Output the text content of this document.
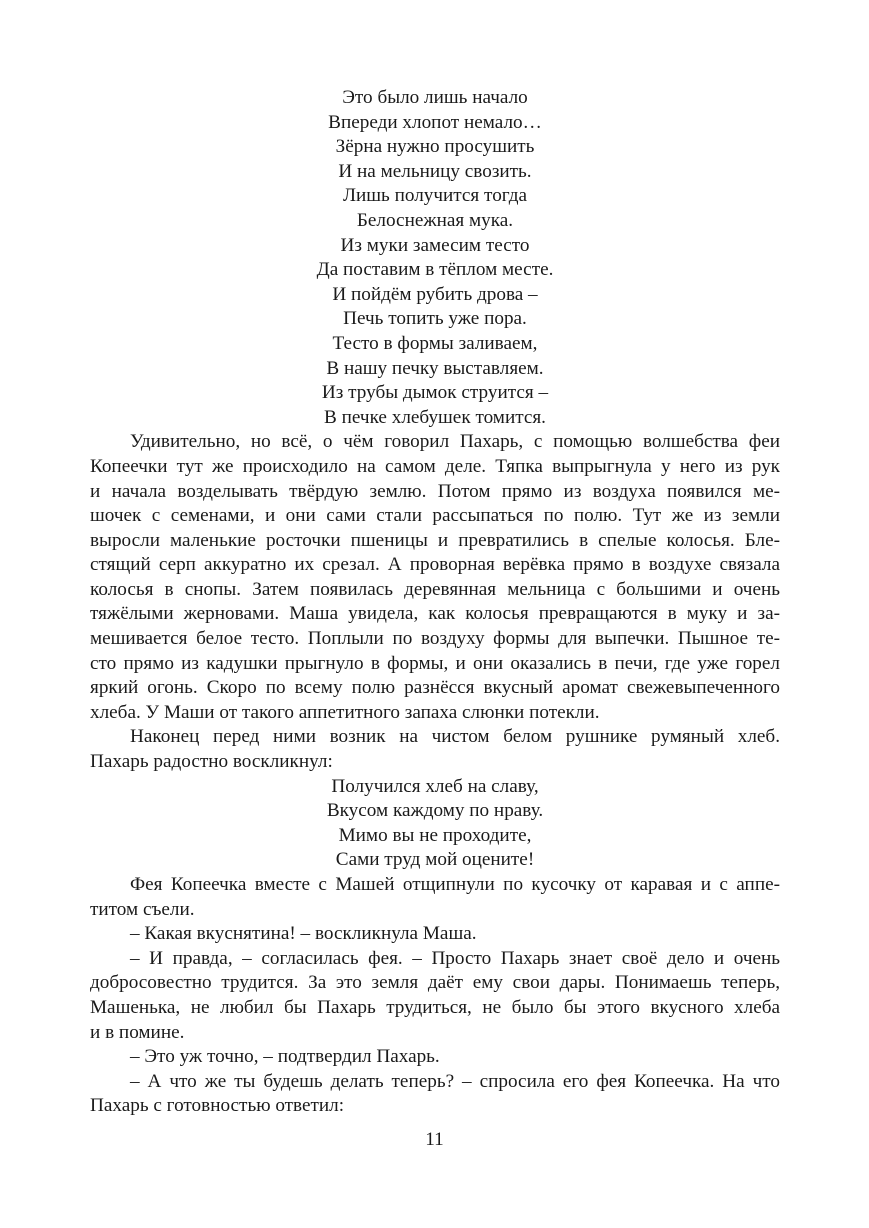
Это было лишь начало
Впереди хлопот немало…
Зёрна нужно просушить
И на мельницу свозить.
Лишь получится тогда
Белоснежная мука.
Из муки замесим тесто
Да поставим в тёплом месте.
И пойдём рубить дрова –
Печь топить уже пора.
Тесто в формы заливаем,
В нашу печку выставляем.
Из трубы дымок струится –
В печке хлебушек томится.
Удивительно, но всё, о чём говорил Пахарь, с помощью волшебства феи
Копеечки тут же происходило на самом деле. Тяпка выпрыгнула у него из рук
и начала возделывать твёрдую землю. Потом прямо из воздуха появился ме-
шочек с семенами, и они сами стали рассыпаться по полю. Тут же из земли
выросли маленькие росточки пшеницы и превратились в спелые колосья. Бле-
стящий серп аккуратно их срезал. А проворная верёвка прямо в воздухе связала
колосья в снопы. Затем появилась деревянная мельница с большими и очень
тяжёлыми жерновами. Маша увидела, как колосья превращаются в муку и за-
мешивается белое тесто. Поплыли по воздуху формы для выпечки. Пышное те-
сто прямо из кадушки прыгнуло в формы, и они оказались в печи, где уже горел
яркий огонь. Скоро по всему полю разнёсся вкусный аромат свежевыпеченного
хлеба. У Маши от такого аппетитного запаха слюнки потекли.
Наконец перед ними возник на чистом белом рушнике румяный хлеб.
Пахарь радостно воскликнул:
Получился хлеб на славу,
Вкусом каждому по нраву.
Мимо вы не проходите,
Сами труд мой оцените!
Фея Копеечка вместе с Машей отщипнули по кусочку от каравая и с аппе-
титом съели.
– Какая вкуснятина! – воскликнула Маша.
– И правда, – согласилась фея. – Просто Пахарь знает своё дело и очень
добросовестно трудится. За это земля даёт ему свои дары. Понимаешь теперь,
Машенька, не любил бы Пахарь трудиться, не было бы этого вкусного хлеба
и в помине.
– Это уж точно, – подтвердил Пахарь.
– А что же ты будешь делать теперь? – спросила его фея Копеечка. На что
Пахарь с готовностью ответил:
11
